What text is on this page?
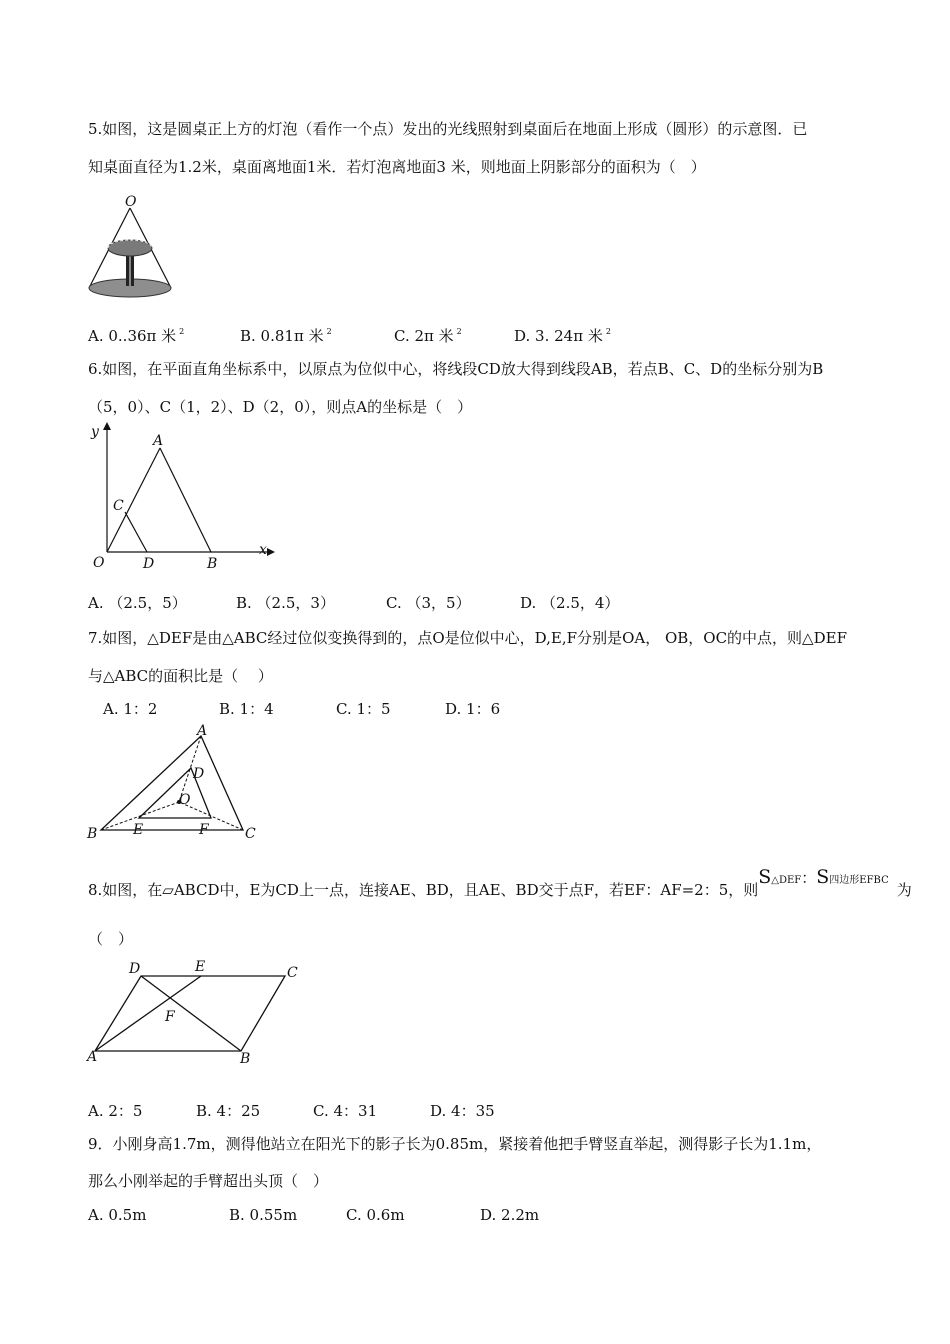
5.如图，这是圆桌正上方的灯泡（看作一个点）发出的光线照射到桌面后在地面上形成（圆形）的示意图．已
知桌面直径为1.2米，桌面离地面1米．若灯泡离地面3 米，则地面上阴影部分的面积为（　）
O
A. 0..36π 米 $^2$	B. 0.81π 米 $^2$	C. 2π 米 $^2$	D. 3. 24π 米 $^2$
6.如图，在平面直角坐标系中，以原点为位似中心，将线段CD放大得到线段AB，若点B、C、D的坐标分别为B
（5，0）、C（1，2）、D（2，0），则点A的坐标是（　）
y
x
O
A
B
C
D
A. （2.5，5）	B. （2.5，3）	C. （3，5）	D. （2.5，4）
7.如图，△DEF是由△ABC经过位似变换得到的，点O是位似中心，D,E,F分别是OA， OB，OC的中点，则△DEF
与△ABC的面积比是（　 ）
A. 1：2	B. 1：4	C. 1：5	D. 1：6
A
B	C
D
E	F
O
8.如图，在▱ABCD中，E为CD上一点，连接AE、BD，且AE、BD交于点F，若EF：AF=2：5，则S△DEF：S四边形EFBC为
（　）
D	E	C
A	B
F
A. 2：5	B. 4：25	C. 4：31	D. 4：35
9．小刚身高1.7m，测得他站立在阳光下的影子长为0.85m，紧接着他把手臂竖直举起，测得影子长为1.1m，
那么小刚举起的手臂超出头顶（　）
A. 0.5m	B. 0.55m	C. 0.6m	D. 2.2m
